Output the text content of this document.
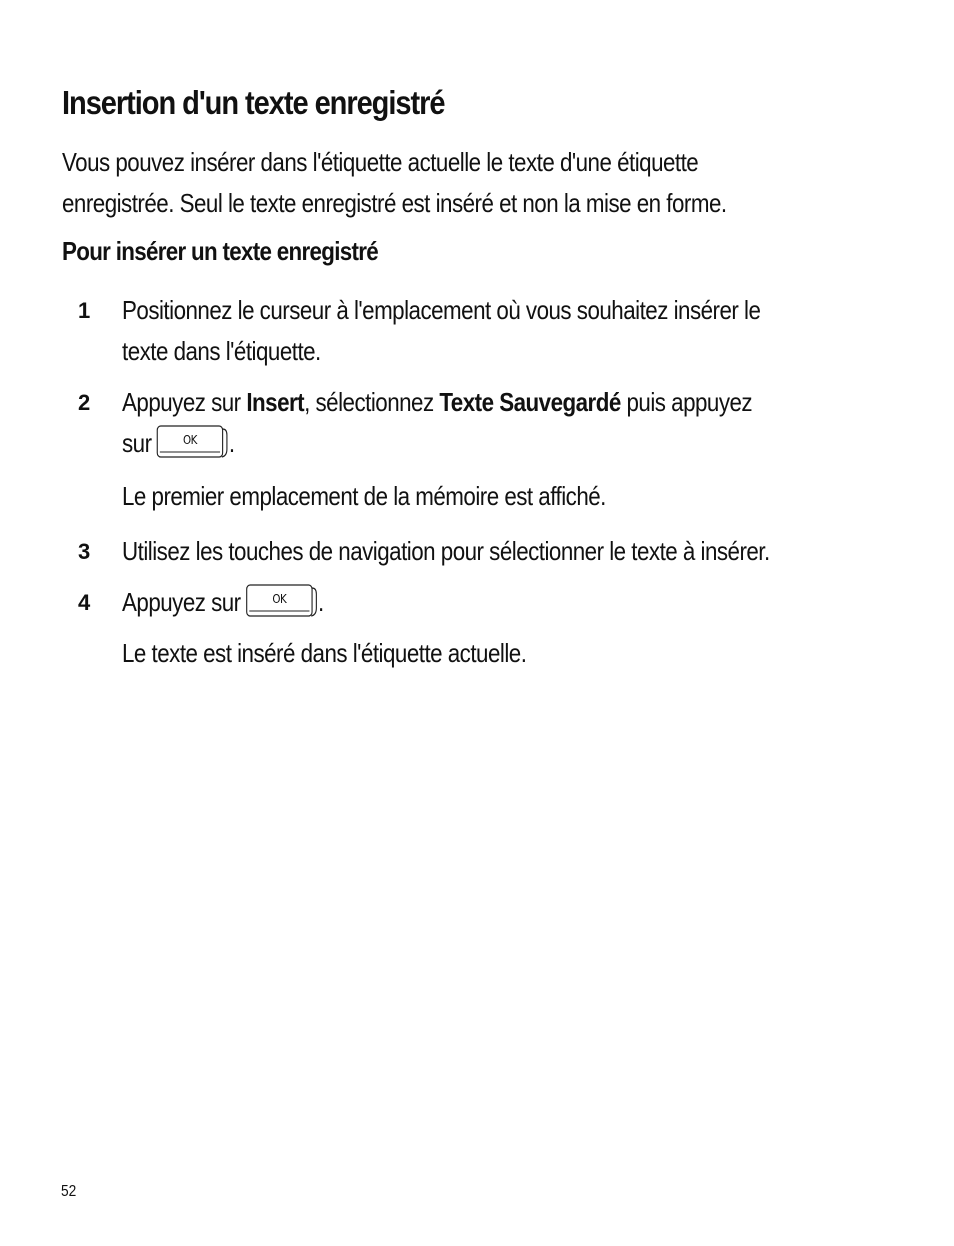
Insertion d'un texte enregistré

Vous pouvez insérer dans l'étiquette actuelle le texte d'une étiquette
enregistrée. Seul le texte enregistré est inséré et non la mise en forme.

Pour insérer un texte enregistré
1 Positionnez le curseur à l'emplacement où vous souhaitez insérer le
texte dans l'étiquette.
2 Appuyez sur Insert, sélectionnez Texte Sauvegardé puis appuyez
sur	OK .
Le premier emplacement de la mémoire est affiché.
3 Utilisez les touches de navigation pour sélectionner le texte à insérer.
4 Appuyez sur	OK .
Le texte est inséré dans l'étiquette actuelle.
52
